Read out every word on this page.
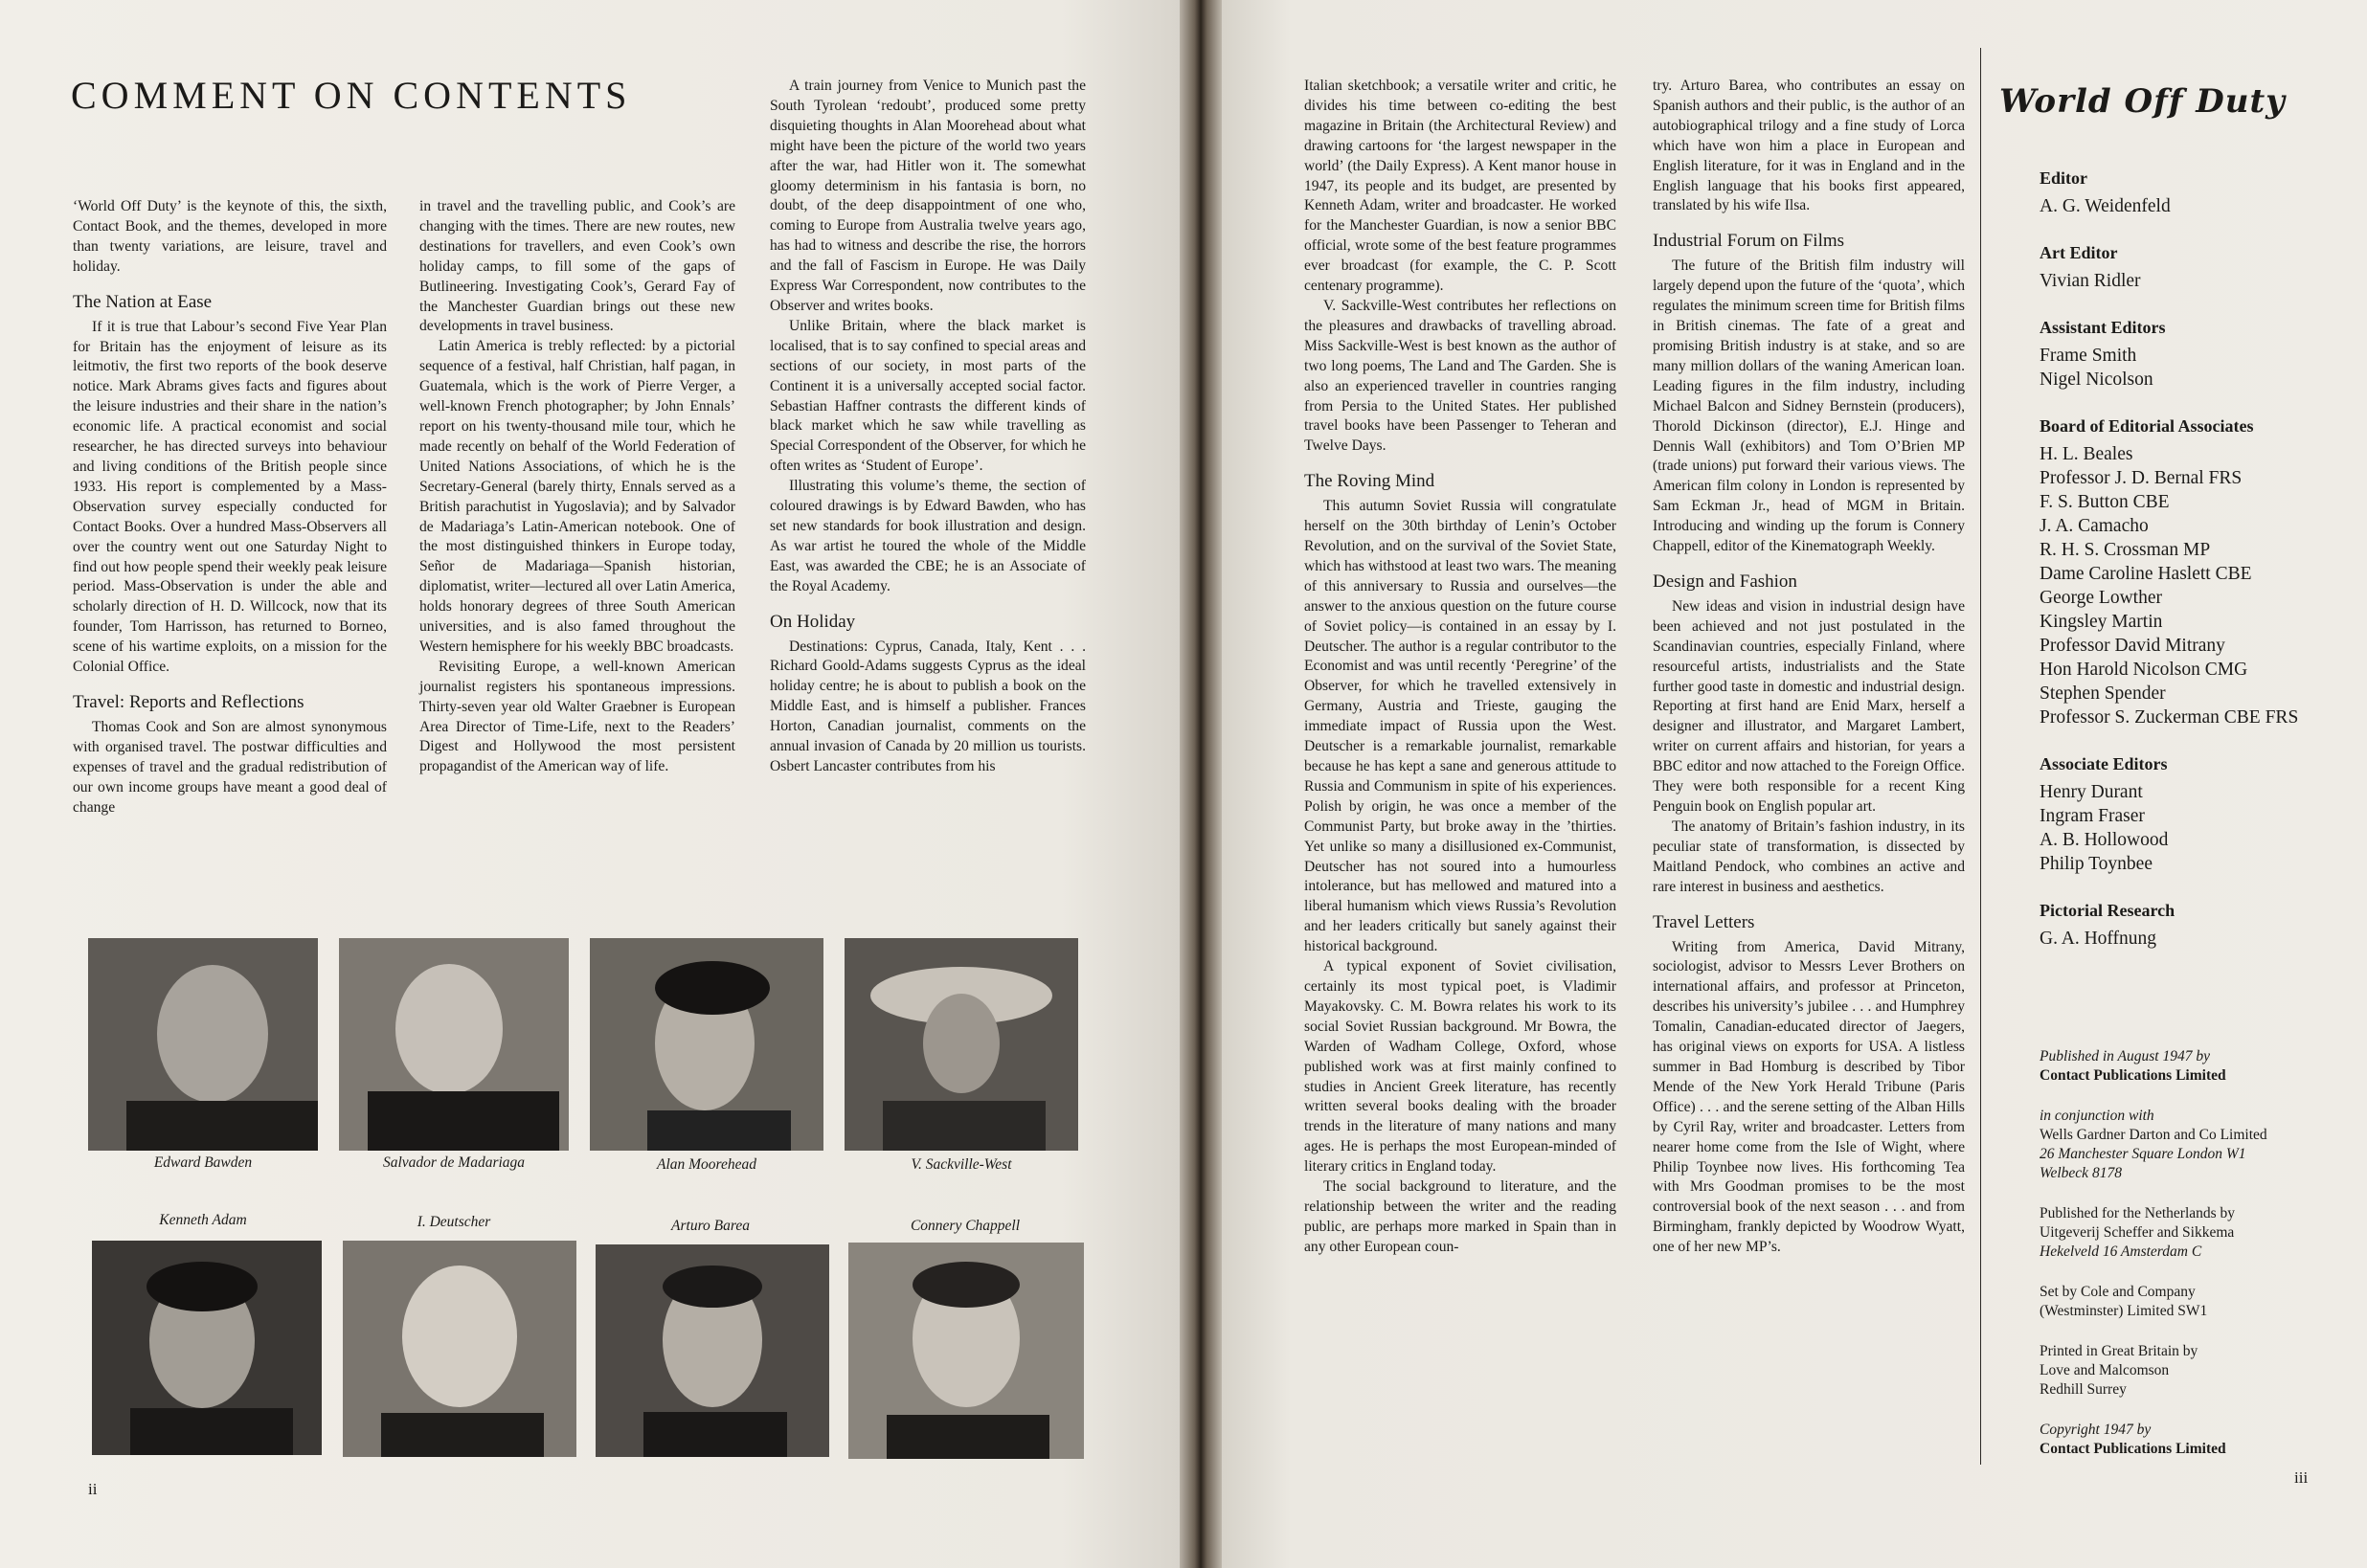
COMMENT ON CONTENTS

‘World Off Duty’ is the keynote of this, the sixth, Contact Book, and the themes, developed in more than twenty variations, are leisure, travel and holiday.

The Nation at Ease

If it is true that Labour’s second Five Year Plan for Britain has the enjoyment of leisure as its leitmotiv, the first two reports of the book deserve notice. Mark Abrams gives facts and figures about the leisure industries and their share in the nation’s economic life. A practical economist and social researcher, he has directed surveys into behaviour and living conditions of the British people since 1933. His report is complemented by a Mass-Observation survey especially conducted for Contact Books. Over a hundred Mass-Observers all over the country went out one Saturday Night to find out how people spend their weekly peak leisure period. Mass-Observation is under the able and scholarly direction of H. D. Willcock, now that its founder, Tom Harrisson, has returned to Borneo, scene of his wartime exploits, on a mission for the Colonial Office.

Travel: Reports and Reflections

Thomas Cook and Son are almost synonymous with organised travel. The postwar difficulties and expenses of travel and the gradual redistribution of our own income groups have meant a good deal of change

in travel and the travelling public, and Cook’s are changing with the times. There are new routes, new destinations for travellers, and even Cook’s own holiday camps, to fill some of the gaps of Butlineering. Investigating Cook’s, Gerard Fay of the Manchester Guardian brings out these new developments in travel business.

Latin America is trebly reflected: by a pictorial sequence of a festival, half Christian, half pagan, in Guatemala, which is the work of Pierre Verger, a well-known French photographer; by John Ennals’ report on his twenty-thousand mile tour, which he made recently on behalf of the World Federation of United Nations Associations, of which he is the Secretary-General (barely thirty, Ennals served as a British parachutist in Yugoslavia); and by Salvador de Madariaga’s Latin-American notebook. One of the most distinguished thinkers in Europe today, Señor de Madariaga—Spanish historian, diplomatist, writer—lectured all over Latin America, holds honorary degrees of three South American universities, and is also famed throughout the Western hemisphere for his weekly BBC broadcasts.

Revisiting Europe, a well-known American journalist registers his spontaneous impressions. Thirty-seven year old Walter Graebner is European Area Director of Time-Life, next to the Readers’ Digest and Hollywood the most persistent propagandist of the American way of life.

A train journey from Venice to Munich past the South Tyrolean ‘redoubt’, produced some pretty disquieting thoughts in Alan Moorehead about what might have been the picture of the world two years after the war, had Hitler won it. The somewhat gloomy determinism in his fantasia is born, no doubt, of the deep disappointment of one who, coming to Europe from Australia twelve years ago, has had to witness and describe the rise, the horrors and the fall of Fascism in Europe. He was Daily Express War Correspondent, now contributes to the Observer and writes books.

Unlike Britain, where the black market is localised, that is to say confined to special areas and sections of our society, in most parts of the Continent it is a universally accepted social factor. Sebastian Haffner contrasts the different kinds of black market which he saw while travelling as Special Correspondent of the Observer, for which he often writes as ‘Student of Europe’.

Illustrating this volume’s theme, the section of coloured drawings is by Edward Bawden, who has set new standards for book illustration and design. As war artist he toured the whole of the Middle East, was awarded the CBE; he is an Associate of the Royal Academy.

On Holiday

Destinations: Cyprus, Canada, Italy, Kent . . . Richard Goold-Adams suggests Cyprus as the ideal holiday centre; he is about to publish a book on the Middle East, and is himself a publisher. Frances Horton, Canadian journalist, comments on the annual invasion of Canada by 20 million us tourists. Osbert Lancaster contributes from his

Edward Bawden	Salvador de Madariaga	Alan Moorehead	V. Sackville-West
Kenneth Adam	I. Deutscher	Arturo Barea	Connery Chappell
ii

Italian sketchbook; a versatile writer and critic, he divides his time between co-editing the best magazine in Britain (the Architectural Review) and drawing cartoons for ‘the largest newspaper in the world’ (the Daily Express). A Kent manor house in 1947, its people and its budget, are presented by Kenneth Adam, writer and broadcaster. He worked for the Manchester Guardian, is now a senior BBC official, wrote some of the best feature programmes ever broadcast (for example, the C. P. Scott centenary programme).

V. Sackville-West contributes her reflections on the pleasures and drawbacks of travelling abroad. Miss Sackville-West is best known as the author of two long poems, The Land and The Garden. She is also an experienced traveller in countries ranging from Persia to the United States. Her published travel books have been Passenger to Teheran and Twelve Days.

The Roving Mind

This autumn Soviet Russia will congratulate herself on the 30th birthday of Lenin’s October Revolution, and on the survival of the Soviet State, which has withstood at least two wars. The meaning of this anniversary to Russia and ourselves—the answer to the anxious question on the future course of Soviet policy—is contained in an essay by I. Deutscher. The author is a regular contributor to the Economist and was until recently ‘Peregrine’ of the Observer, for which he travelled extensively in Germany, Austria and Trieste, gauging the immediate impact of Russia upon the West. Deutscher is a remarkable journalist, remarkable because he has kept a sane and generous attitude to Russia and Communism in spite of his experiences. Polish by origin, he was once a member of the Communist Party, but broke away in the ’thirties. Yet unlike so many a disillusioned ex-Communist, Deutscher has not soured into a humourless intolerance, but has mellowed and matured into a liberal humanism which views Russia’s Revolution and her leaders critically but sanely against their historical background.

A typical exponent of Soviet civilisation, certainly its most typical poet, is Vladimir Mayakovsky. C. M. Bowra relates his work to its social Soviet Russian background. Mr Bowra, the Warden of Wadham College, Oxford, whose published work was at first mainly confined to studies in Ancient Greek literature, has recently written several books dealing with the broader trends in the literature of many nations and many ages. He is perhaps the most European-minded of literary critics in England today.

The social background to literature, and the relationship between the writer and the reading public, are perhaps more marked in Spain than in any other European coun-

try. Arturo Barea, who contributes an essay on Spanish authors and their public, is the author of an autobiographical trilogy and a fine study of Lorca which have won him a place in European and English literature, for it was in England and in the English language that his books first appeared, translated by his wife Ilsa.

Industrial Forum on Films

The future of the British film industry will largely depend upon the future of the ‘quota’, which regulates the minimum screen time for British films in British cinemas. The fate of a great and promising British industry is at stake, and so are many million dollars of the waning American loan. Leading figures in the film industry, including Michael Balcon and Sidney Bernstein (producers), Thorold Dickinson (director), E.J. Hinge and Dennis Wall (exhibitors) and Tom O’Brien MP (trade unions) put forward their various views. The American film colony in London is represented by Sam Eckman Jr., head of MGM in Britain. Introducing and winding up the forum is Connery Chappell, editor of the Kinematograph Weekly.

Design and Fashion

New ideas and vision in industrial design have been achieved and not just postulated in the Scandinavian countries, especially Finland, where resourceful artists, industrialists and the State further good taste in domestic and industrial design. Reporting at first hand are Enid Marx, herself a designer and illustrator, and Margaret Lambert, writer on current affairs and historian, for years a BBC editor and now attached to the Foreign Office. They were both responsible for a recent King Penguin book on English popular art.

The anatomy of Britain’s fashion industry, in its peculiar state of transformation, is dissected by Maitland Pendock, who combines an active and rare interest in business and aesthetics.

Travel Letters

Writing from America, David Mitrany, sociologist, advisor to Messrs Lever Brothers on international affairs, and professor at Princeton, describes his university’s jubilee . . . and Humphrey Tomalin, Canadian-educated director of Jaegers, has original views on exports for USA. A listless summer in Bad Homburg is described by Tibor Mende of the New York Herald Tribune (Paris Office) . . . and the serene setting of the Alban Hills by Cyril Ray, writer and broadcaster. Letters from nearer home come from the Isle of Wight, where Philip Toynbee now lives. His forthcoming Tea with Mrs Goodman promises to be the most controversial book of the next season . . . and from Birmingham, frankly depicted by Woodrow Wyatt, one of her new MP’s.

World Off Duty
Editor
A. G. Weidenfeld
Art Editor
Vivian Ridler
Assistant Editors
Frame Smith
Nigel Nicolson
Board of Editorial Associates
H. L. Beales
Professor J. D. Bernal FRS
F. S. Button CBE
J. A. Camacho
R. H. S. Crossman MP
Dame Caroline Haslett CBE
George Lowther
Kingsley Martin
Professor David Mitrany
Hon Harold Nicolson CMG
Stephen Spender
Professor S. Zuckerman CBE FRS
Associate Editors
Henry Durant
Ingram Fraser
A. B. Hollowood
Philip Toynbee
Pictorial Research
G. A. Hoffnung

Published in August 1947 by
Contact Publications Limited

in conjunction with
Wells Gardner Darton and Co Limited
26 Manchester Square London W1
Welbeck 8178

Published for the Netherlands by
Uitgeverij Scheffer and Sikkema
Hekelveld 16 Amsterdam C

Set by Cole and Company
(Westminster) Limited SW1

Printed in Great Britain by
Love and Malcomson
Redhill Surrey

Copyright 1947 by
Contact Publications Limited

iii
